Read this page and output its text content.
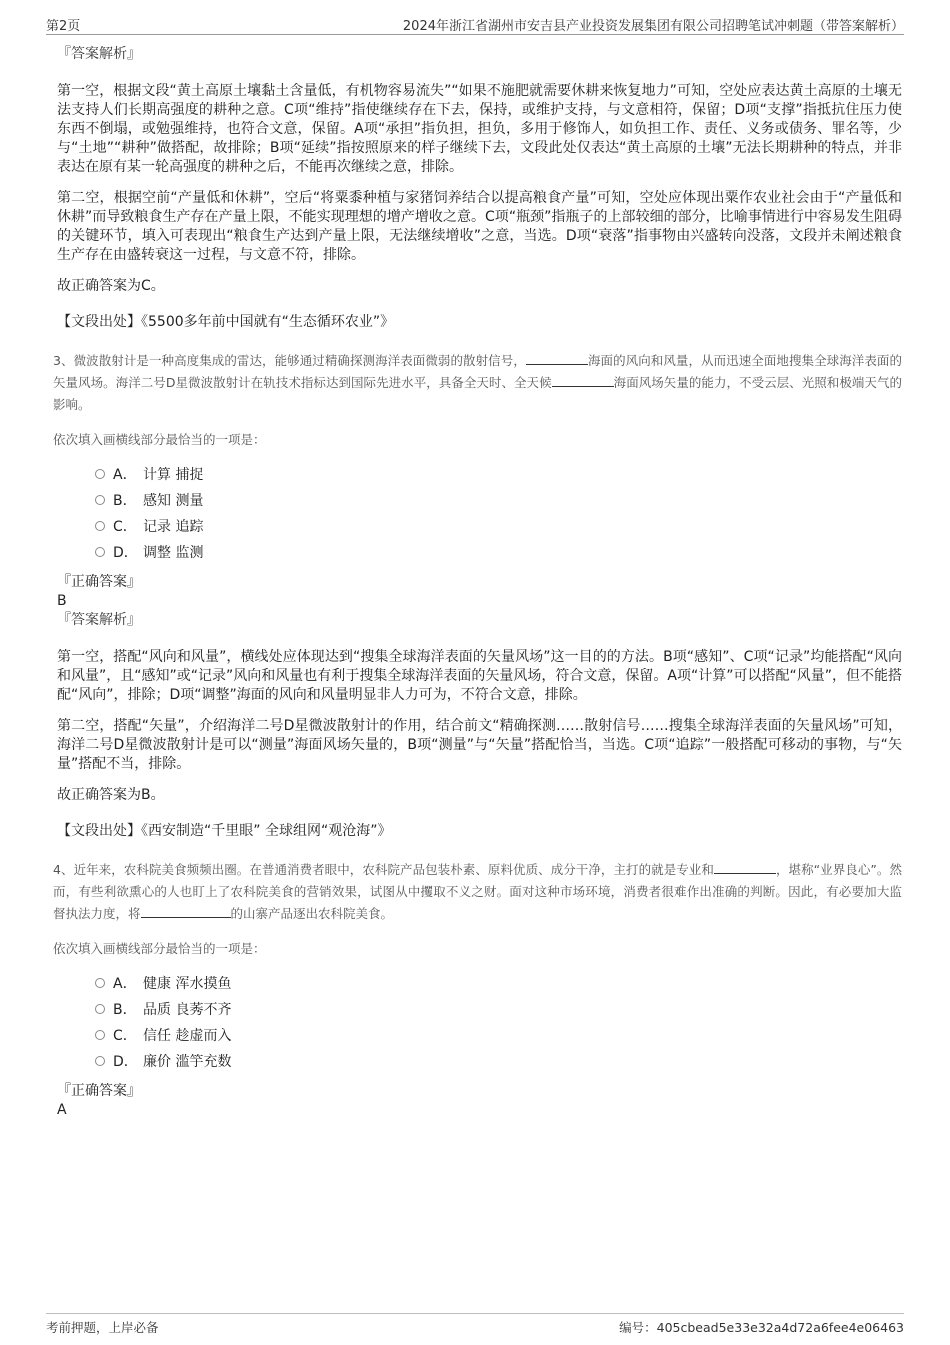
第2页	2024年浙江省湖州市安吉县产业投资发展集团有限公司招聘笔试冲刺题（带答案解析）
『答案解析』

第一空，根据文段“黄土高原土壤黏土含量低，有机物容易流失”“如果不施肥就需要休耕来恢复地力”可知，空处应表达黄土高原的土壤无法支持人们长期高强度的耕种之意。C项“维持”指使继续存在下去，保持，或维护支持，与文意相符，保留；D项“支撑”指抵抗住压力使东西不倒塌，或勉强维持，也符合文意，保留。A项“承担”指负担，担负，多用于修饰人，如负担工作、责任、义务或债务、罪名等，少与“土地”“耕种”做搭配，故排除；B项“延续”指按照原来的样子继续下去，文段此处仅表达“黄土高原的土壤”无法长期耕种的特点，并非表达在原有某一轮高强度的耕种之后，不能再次继续之意，排除。

第二空，根据空前“产量低和休耕”，空后“将粟黍种植与家猪饲养结合以提高粮食产量”可知，空处应体现出粟作农业社会由于“产量低和休耕”而导致粮食生产存在产量上限，不能实现理想的增产增收之意。C项“瓶颈”指瓶子的上部较细的部分，比喻事情进行中容易发生阻碍的关键环节，填入可表现出“粮食生产达到产量上限，无法继续增收”之意，当选。D项“衰落”指事物由兴盛转向没落，文段并未阐述粮食生产存在由盛转衰这一过程，与文意不符，排除。

故正确答案为C。

【文段出处】《5500多年前中国就有“生态循环农业”》
3、微波散射计是一种高度集成的雷达，能够通过精确探测海洋表面微弱的散射信号，	海面的风向和风量，从而迅速全面地搜集全球海洋表面的矢量风场。海洋二号D星微波散射计在轨技术指标达到国际先进水平，具备全天时、全天候	海面风场矢量的能力，不受云层、光照和极端天气的影响。
依次填入画横线部分最恰当的一项是：
A． 计算 捕捉
B． 感知 测量
C． 记录 追踪
D． 调整 监测
『正确答案』
B
『答案解析』

第一空，搭配“风向和风量”，横线处应体现达到“搜集全球海洋表面的矢量风场”这一目的的方法。B项“感知”、C项“记录”均能搭配“风向和风量”，且“感知”或“记录”风向和风量也有利于搜集全球海洋表面的矢量风场，符合文意，保留。A项“计算”可以搭配“风量”，但不能搭配“风向”，排除；D项“调整”海面的风向和风量明显非人力可为，不符合文意，排除。

第二空，搭配“矢量”，介绍海洋二号D星微波散射计的作用，结合前文“精确探测……散射信号……搜集全球海洋表面的矢量风场”可知，海洋二号D星微波散射计是可以“测量”海面风场矢量的，B项“测量”与“矢量”搭配恰当，当选。C项“追踪”一般搭配可移动的事物，与“矢量”搭配不当，排除。

故正确答案为B。

【文段出处】《西安制造“千里眼” 全球组网“观沧海”》
4、近年来，农科院美食频频出圈。在普通消费者眼中，农科院产品包装朴素、原料优质、成分干净，主打的就是专业和	，堪称“业界良心”。然而，有些利欲熏心的人也盯上了农科院美食的营销效果，试图从中攫取不义之财。面对这种市场环境，消费者很难作出准确的判断。因此，有必要加大监督执法力度，将	的山寨产品逐出农科院美食。
依次填入画横线部分最恰当的一项是：
A． 健康 浑水摸鱼
B． 品质 良莠不齐
C． 信任 趁虚而入
D． 廉价 滥竽充数
『正确答案』
A
考前押题，上岸必备	编号：405cbead5e33e32a4d72a6fee4e06463
